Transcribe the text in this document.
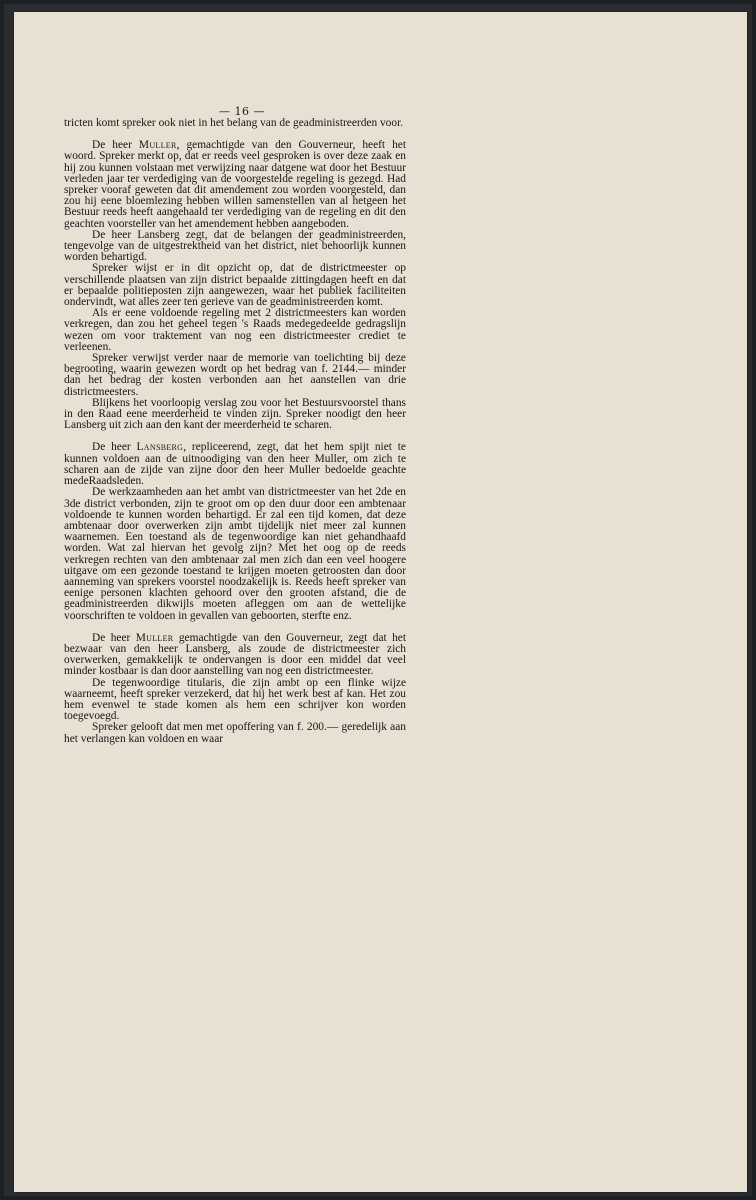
— 16 —

tricten komt spreker ook niet in het belang van de geadministreerden voor.

De heer Muller, gemachtigde van den Gouverneur, heeft het woord. Spreker merkt op, dat er reeds veel gesproken is over deze zaak en hij zou kunnen volstaan met verwijzing naar datgene wat door het Bestuur verleden jaar ter verdediging van de voorgestelde regeling is gezegd. Had spreker vooraf geweten dat dit amendement zou worden voorgesteld, dan zou hij eene bloemlezing hebben willen samenstellen van al hetgeen het Bestuur reeds heeft aangehaald ter verdediging van de regeling en dit den geachten voorsteller van het amendement hebben aangeboden.

De heer Lansberg zegt, dat de belangen der geadministreerden, tengevolge van de uitgestrektheid van het district, niet behoorlijk kunnen worden behartigd.

Spreker wijst er in dit opzicht op, dat de districtmeester op verschillende plaatsen van zijn district bepaalde zittingdagen heeft en dat er bepaalde politieposten zijn aangewezen, waar het publiek faciliteiten ondervindt, wat alles zeer ten gerieve van de geadministreerden komt.

Als er eene voldoende regeling met 2 districtmeesters kan worden verkregen, dan zou het geheel tegen 's Raads medegedeelde gedragslijn wezen om voor traktement van nog een districtmeester crediet te verleenen.

Spreker verwijst verder naar de memorie van toelichting bij deze begrooting, waarin gewezen wordt op het bedrag van f. 2144.— minder dan het bedrag der kosten verbonden aan het aanstellen van drie districtmeesters.

Blijkens het voorloopig verslag zou voor het Bestuursvoorstel thans in den Raad eene meerderheid te vinden zijn. Spreker noodigt den heer Lansberg uit zich aan den kant der meerderheid te scharen.

De heer Lansberg, repliceerend, zegt, dat het hem spijt niet te kunnen voldoen aan de uitnoodiging van den heer Muller, om zich te scharen aan de zijde van zijne door den heer Muller bedoelde geachte medeRaadsleden.

De werkzaamheden aan het ambt van districtmeester van het 2de en 3de district verbonden, zijn te groot om op den duur door een ambtenaar voldoende te kunnen worden behartigd. Er zal een tijd komen, dat deze ambtenaar door overwerken zijn ambt tijdelijk niet meer zal kunnen waarnemen. Een toestand als de tegenwoordige kan niet gehandhaafd worden. Wat zal hiervan het gevolg zijn? Met het oog op de reeds verkregen rechten van den ambtenaar zal men zich dan een veel hoogere uitgave om een gezonde toestand te krijgen moeten getroosten dan door aanneming van sprekers voorstel noodzakelijk is. Reeds heeft spreker van eenige personen klachten gehoord over den grooten afstand, die de geadministreerden dikwijls moeten afleggen om aan de wettelijke voorschriften te voldoen in gevallen van geboorten, sterfte enz.

De heer Muller gemachtigde van den Gouverneur, zegt dat het bezwaar van den heer Lansberg, als zoude de districtmeester zich overwerken, gemakkelijk te ondervangen is door een middel dat veel minder kostbaar is dan door aanstelling van nog een districtmeester.

De tegenwoordige titularis, die zijn ambt op een flinke wijze waarneemt, heeft spreker verzekerd, dat hij het werk best af kan. Het zou hem evenwel te stade komen als hem een schrijver kon worden toegevoegd.

Spreker gelooft dat men met opoffering van f. 200.— geredelijk aan het verlangen kan voldoen en waar
